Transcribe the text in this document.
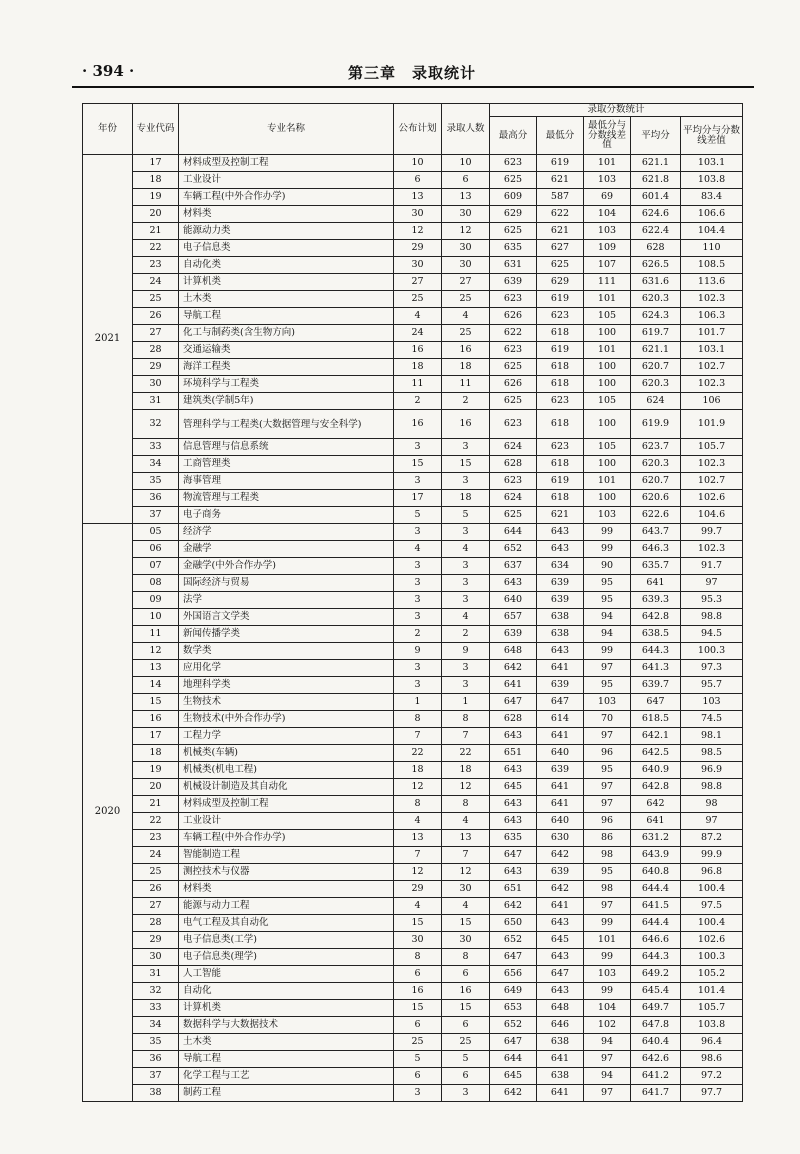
· 394 ·	第三章　录取统计
年份	专业代码	专业名称	公布计划	录取人数	录取分数统计				
					最高分	最低分	最低分与分数线差值	平均分	平均分与分数线差值
2021	17	材料成型及控制工程	10	10	623	619	101	621.1	103.1
	18	工业设计	6	6	625	621	103	621.8	103.8
	19	车辆工程(中外合作办学)	13	13	609	587	69	601.4	83.4
	20	材料类	30	30	629	622	104	624.6	106.6
	21	能源动力类	12	12	625	621	103	622.4	104.4
	22	电子信息类	29	30	635	627	109	628	110
	23	自动化类	30	30	631	625	107	626.5	108.5
	24	计算机类	27	27	639	629	111	631.6	113.6
	25	土木类	25	25	623	619	101	620.3	102.3
	26	导航工程	4	4	626	623	105	624.3	106.3
	27	化工与制药类(含生物方向)	24	25	622	618	100	619.7	101.7
	28	交通运输类	16	16	623	619	101	621.1	103.1
	29	海洋工程类	18	18	625	618	100	620.7	102.7
	30	环境科学与工程类	11	11	626	618	100	620.3	102.3
	31	建筑类(学制5年)	2	2	625	623	105	624	106
	32	管理科学与工程类(大数据管理与安全科学)	16	16	623	618	100	619.9	101.9
	33	信息管理与信息系统	3	3	624	623	105	623.7	105.7
	34	工商管理类	15	15	628	618	100	620.3	102.3
	35	海事管理	3	3	623	619	101	620.7	102.7
	36	物流管理与工程类	17	18	624	618	100	620.6	102.6
	37	电子商务	5	5	625	621	103	622.6	104.6
2020	05	经济学	3	3	644	643	99	643.7	99.7
	06	金融学	4	4	652	643	99	646.3	102.3
	07	金融学(中外合作办学)	3	3	637	634	90	635.7	91.7
	08	国际经济与贸易	3	3	643	639	95	641	97
	09	法学	3	3	640	639	95	639.3	95.3
	10	外国语言文学类	3	4	657	638	94	642.8	98.8
	11	新闻传播学类	2	2	639	638	94	638.5	94.5
	12	数学类	9	9	648	643	99	644.3	100.3
	13	应用化学	3	3	642	641	97	641.3	97.3
	14	地理科学类	3	3	641	639	95	639.7	95.7
	15	生物技术	1	1	647	647	103	647	103
	16	生物技术(中外合作办学)	8	8	628	614	70	618.5	74.5
	17	工程力学	7	7	643	641	97	642.1	98.1
	18	机械类(车辆)	22	22	651	640	96	642.5	98.5
	19	机械类(机电工程)	18	18	643	639	95	640.9	96.9
	20	机械设计制造及其自动化	12	12	645	641	97	642.8	98.8
	21	材料成型及控制工程	8	8	643	641	97	642	98
	22	工业设计	4	4	643	640	96	641	97
	23	车辆工程(中外合作办学)	13	13	635	630	86	631.2	87.2
	24	智能制造工程	7	7	647	642	98	643.9	99.9
	25	测控技术与仪器	12	12	643	639	95	640.8	96.8
	26	材料类	29	30	651	642	98	644.4	100.4
	27	能源与动力工程	4	4	642	641	97	641.5	97.5
	28	电气工程及其自动化	15	15	650	643	99	644.4	100.4
	29	电子信息类(工学)	30	30	652	645	101	646.6	102.6
	30	电子信息类(理学)	8	8	647	643	99	644.3	100.3
	31	人工智能	6	6	656	647	103	649.2	105.2
	32	自动化	16	16	649	643	99	645.4	101.4
	33	计算机类	15	15	653	648	104	649.7	105.7
	34	数据科学与大数据技术	6	6	652	646	102	647.8	103.8
	35	土木类	25	25	647	638	94	640.4	96.4
	36	导航工程	5	5	644	641	97	642.6	98.6
	37	化学工程与工艺	6	6	645	638	94	641.2	97.2
	38	制药工程	3	3	642	641	97	641.7	97.7
